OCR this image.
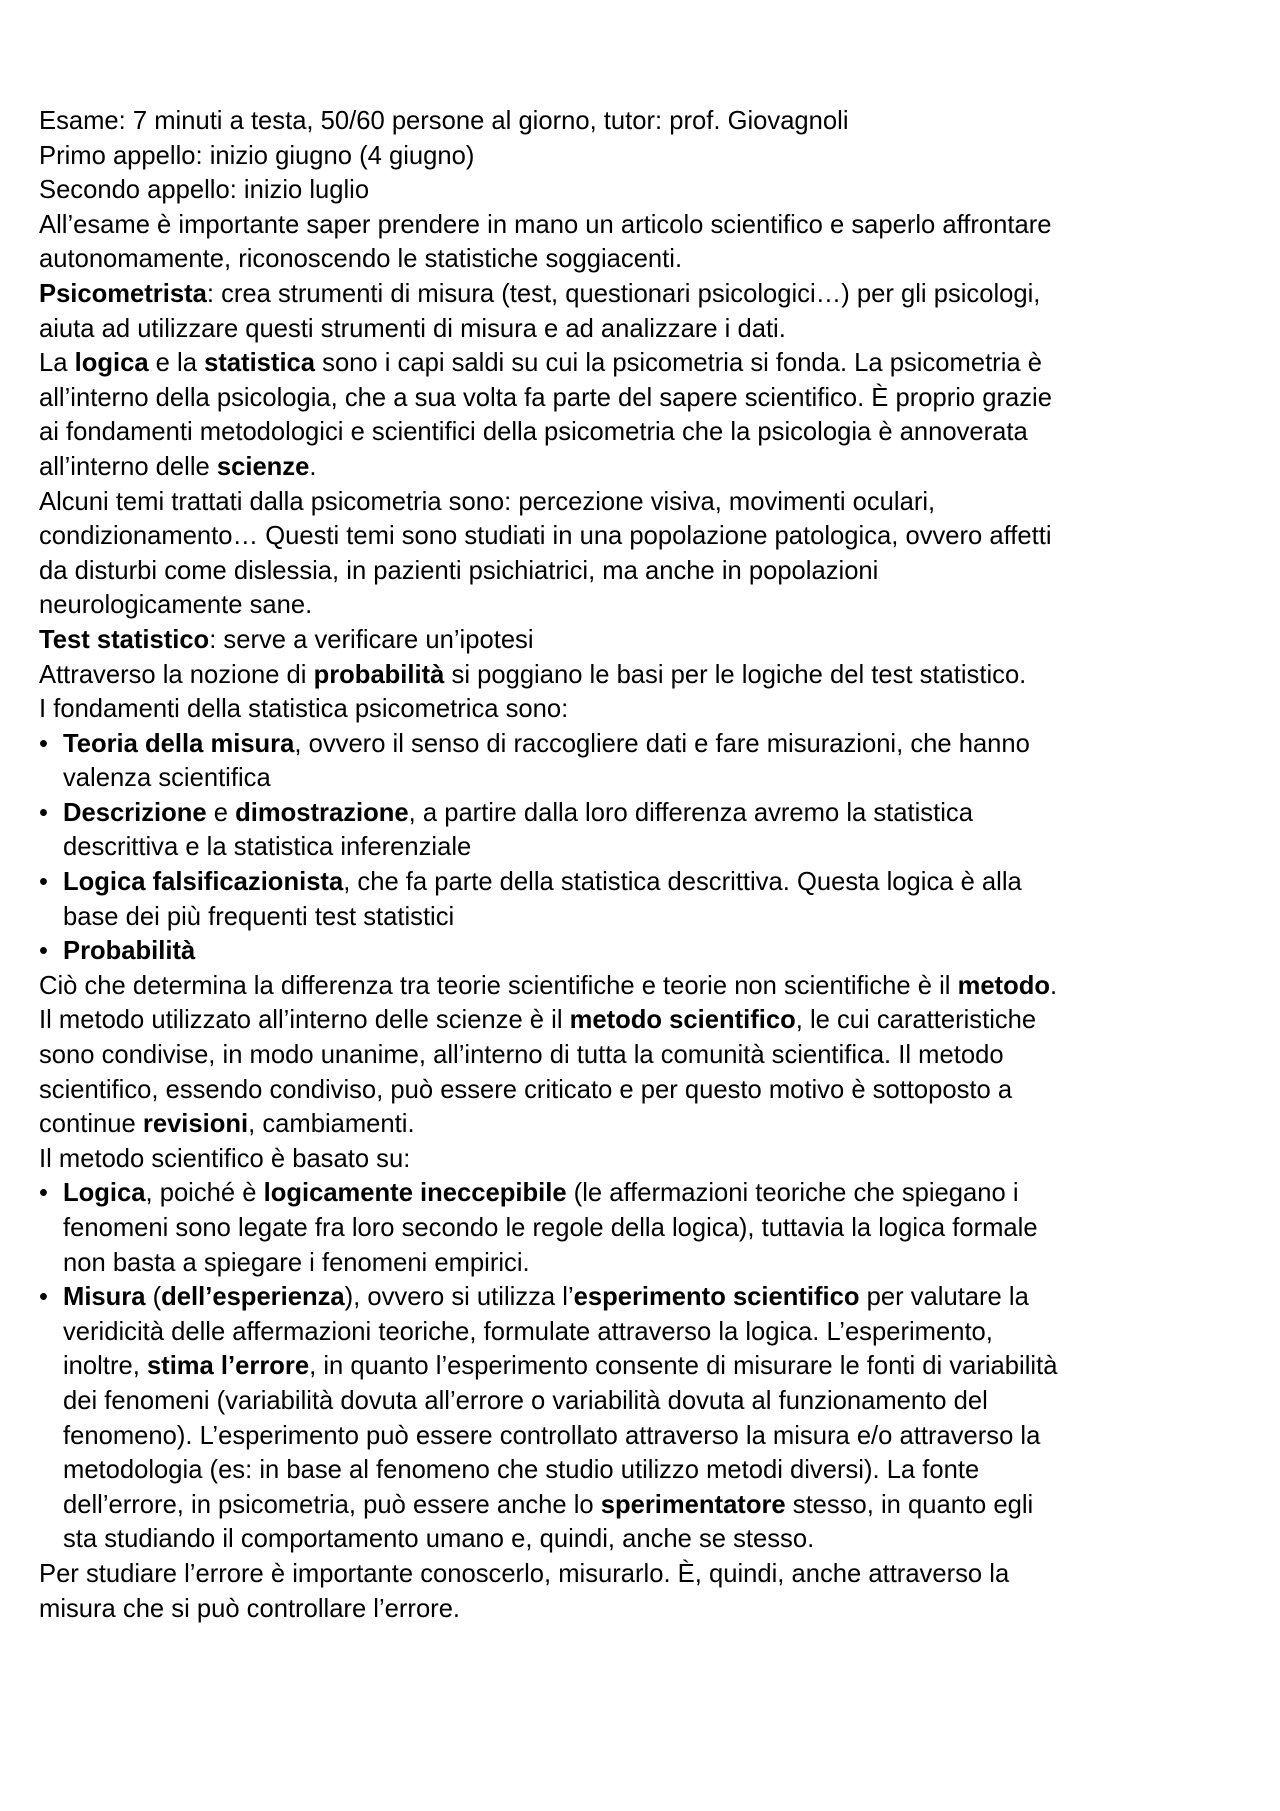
Esame: 7 minuti a testa, 50/60 persone al giorno, tutor: prof. Giovagnoli
Primo appello: inizio giugno (4 giugno)
Secondo appello: inizio luglio
All’esame è importante saper prendere in mano un articolo scientifico e saperlo affrontare
autonomamente, riconoscendo le statistiche soggiacenti.
Psicometrista: crea strumenti di misura (test, questionari psicologici…) per gli psicologi,
aiuta ad utilizzare questi strumenti di misura e ad analizzare i dati.
La logica e la statistica sono i capi saldi su cui la psicometria si fonda. La psicometria è
all’interno della psicologia, che a sua volta fa parte del sapere scientifico. È proprio grazie
ai fondamenti metodologici e scientifici della psicometria che la psicologia è annoverata
all’interno delle scienze.
Alcuni temi trattati dalla psicometria sono: percezione visiva, movimenti oculari,
condizionamento… Questi temi sono studiati in una popolazione patologica, ovvero affetti
da disturbi come dislessia, in pazienti psichiatrici, ma anche in popolazioni
neurologicamente sane.
Test statistico: serve a verificare un’ipotesi
Attraverso la nozione di probabilità si poggiano le basi per le logiche del test statistico.
I fondamenti della statistica psicometrica sono:
• Teoria della misura, ovvero il senso di raccogliere dati e fare misurazioni, che hanno
valenza scientifica
• Descrizione e dimostrazione, a partire dalla loro differenza avremo la statistica
descrittiva e la statistica inferenziale
• Logica falsificazionista, che fa parte della statistica descrittiva. Questa logica è alla
base dei più frequenti test statistici
• Probabilità
Ciò che determina la differenza tra teorie scientifiche e teorie non scientifiche è il metodo.
Il metodo utilizzato all’interno delle scienze è il metodo scientifico, le cui caratteristiche
sono condivise, in modo unanime, all’interno di tutta la comunità scientifica. Il metodo
scientifico, essendo condiviso, può essere criticato e per questo motivo è sottoposto a
continue revisioni, cambiamenti.
Il metodo scientifico è basato su:
• Logica, poiché è logicamente ineccepibile (le affermazioni teoriche che spiegano i
fenomeni sono legate fra loro secondo le regole della logica), tuttavia la logica formale
non basta a spiegare i fenomeni empirici.
• Misura (dell’esperienza), ovvero si utilizza l’esperimento scientifico per valutare la
veridicità delle affermazioni teoriche, formulate attraverso la logica. L’esperimento,
inoltre, stima l’errore, in quanto l’esperimento consente di misurare le fonti di variabilità
dei fenomeni (variabilità dovuta all’errore o variabilità dovuta al funzionamento del
fenomeno). L’esperimento può essere controllato attraverso la misura e/o attraverso la
metodologia (es: in base al fenomeno che studio utilizzo metodi diversi). La fonte
dell’errore, in psicometria, può essere anche lo sperimentatore stesso, in quanto egli
sta studiando il comportamento umano e, quindi, anche se stesso.
Per studiare l’errore è importante conoscerlo, misurarlo. È, quindi, anche attraverso la
misura che si può controllare l’errore.
